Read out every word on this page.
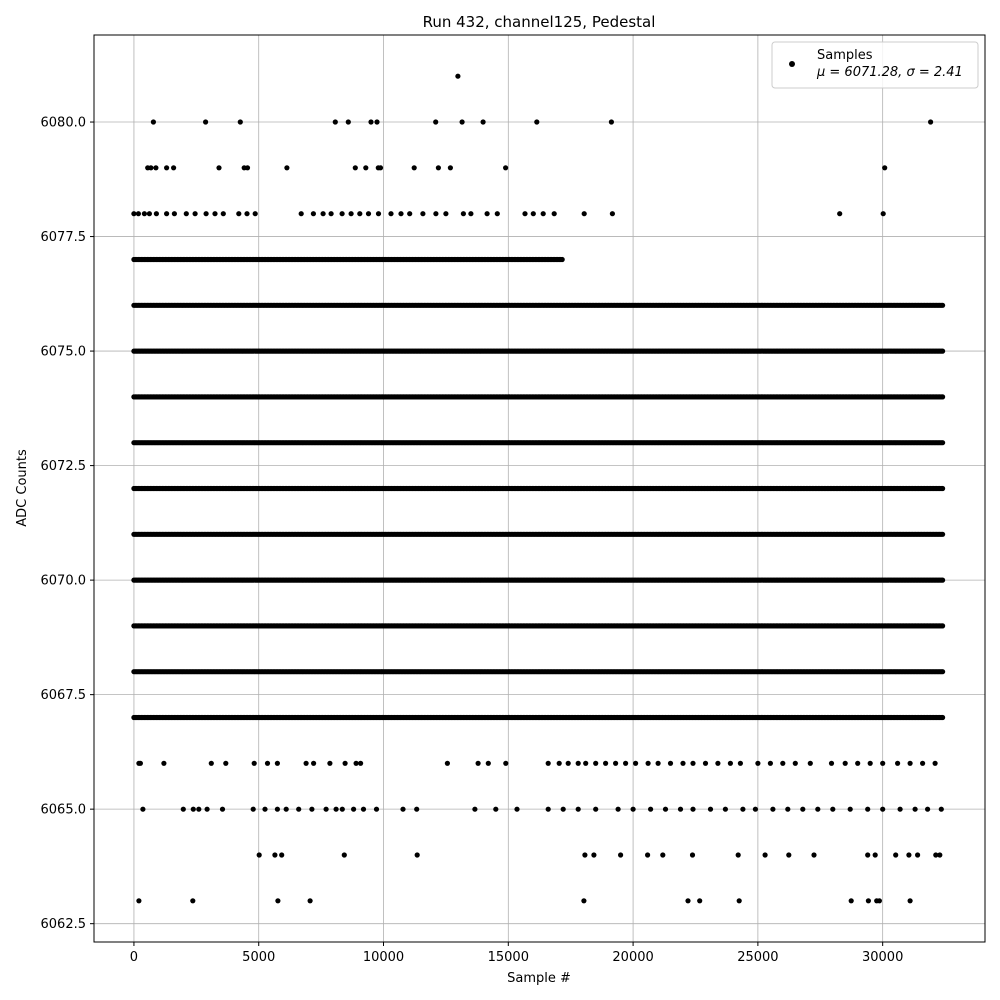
Run 432, channel125, Pedestal
0	5000	10000	15000	20000	25000	30000
6062.5
6065.0
6067.5
6070.0
6072.5
6075.0
6077.5
6080.0
Sample #
ADC Counts
Samples
μ = 6071.28, σ = 2.41
